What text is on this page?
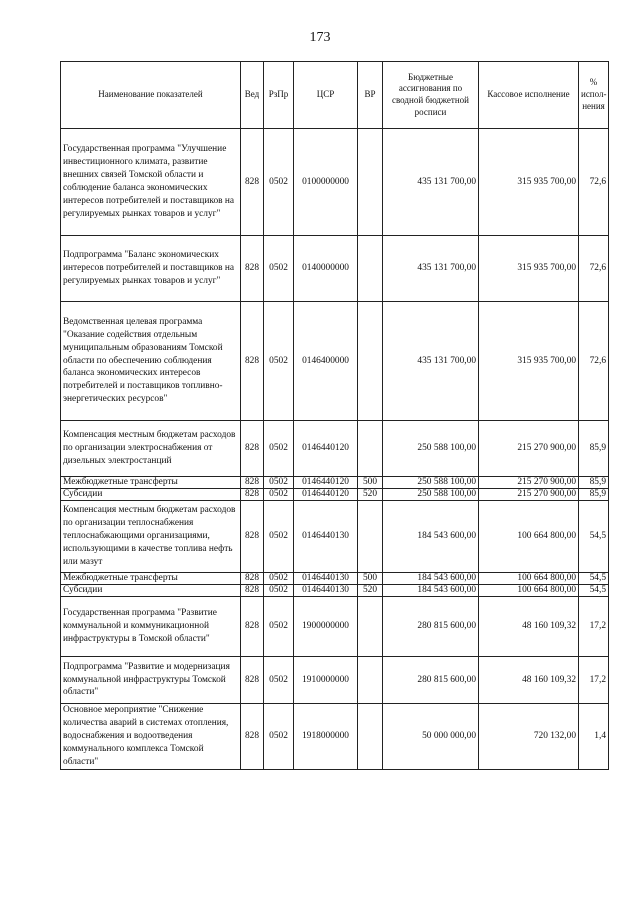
173
Наименование показателей	Вед	РзПр	ЦСР	ВР	Бюджетные ассигнования по сводной бюджетной росписи	Кассовое исполнение	% испол-нения
Государственная программа "Улучшение инвестиционного климата, развитие внешних связей Томской области и соблюдение баланса экономических интересов потребителей и поставщиков на регулируемых рынках товаров и услуг"	828	0502	0100000000		435 131 700,00	315 935 700,00	72,6
Подпрограмма "Баланс экономических интересов потребителей и поставщиков на регулируемых рынках товаров и услуг"	828	0502	0140000000		435 131 700,00	315 935 700,00	72,6
Ведомственная целевая программа "Оказание содействия отдельным муниципальным образованиям Томской области по обеспечению соблюдения баланса экономических интересов потребителей и поставщиков топливно-энергетических ресурсов"	828	0502	0146400000		435 131 700,00	315 935 700,00	72,6
Компенсация местным бюджетам расходов по организации электроснабжения от дизельных электростанций	828	0502	0146440120		250 588 100,00	215 270 900,00	85,9
Межбюджетные трансферты	828	0502	0146440120	500	250 588 100,00	215 270 900,00	85,9
Субсидии	828	0502	0146440120	520	250 588 100,00	215 270 900,00	85,9
Компенсация местным бюджетам расходов по организации теплоснабжения теплоснабжающими организациями, использующими в качестве топлива нефть или мазут	828	0502	0146440130		184 543 600,00	100 664 800,00	54,5
Межбюджетные трансферты	828	0502	0146440130	500	184 543 600,00	100 664 800,00	54,5
Субсидии	828	0502	0146440130	520	184 543 600,00	100 664 800,00	54,5
Государственная программа "Развитие коммунальной и коммуникационной инфраструктуры в Томской области"	828	0502	1900000000		280 815 600,00	48 160 109,32	17,2
Подпрограмма "Развитие и модернизация коммунальной инфраструктуры Томской области"	828	0502	1910000000		280 815 600,00	48 160 109,32	17,2
Основное мероприятие "Снижение количества аварий в системах отопления, водоснабжения и водоотведения коммунального комплекса Томской области"	828	0502	1918000000		50 000 000,00	720 132,00	1,4
